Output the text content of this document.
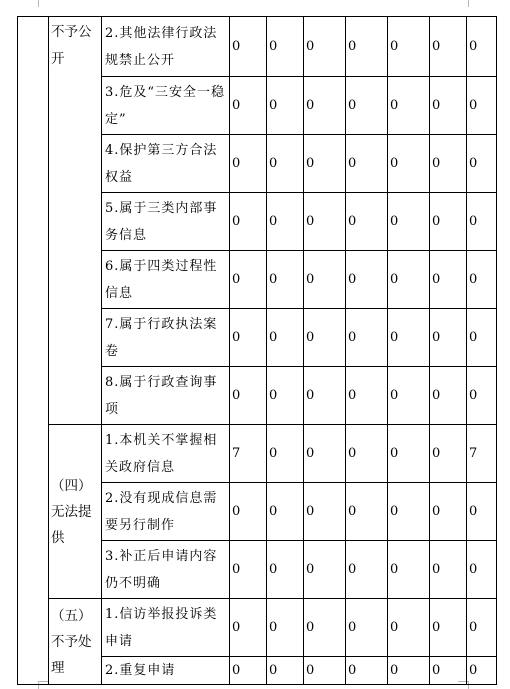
	不予公开	2.其他法律行政法规禁止公开	0	0	0	0	0	0	0
		3.危及“三安全一稳定”	0	0	0	0	0	0	0
		4.保护第三方合法权益	0	0	0	0	0	0	0
		5.属于三类内部事务信息	0	0	0	0	0	0	0
		6.属于四类过程性信息	0	0	0	0	0	0	0
		7.属于行政执法案卷	0	0	0	0	0	0	0
		8.属于行政查询事项	0	0	0	0	0	0	0
	（四）无法提供	1.本机关不掌握相关政府信息	7	0	0	0	0	0	7
		2.没有现成信息需要另行制作	0	0	0	0	0	0	0
		3.补正后申请内容仍不明确	0	0	0	0	0	0	0
	（五）不予处理	1.信访举报投诉类申请	0	0	0	0	0	0	0
		2.重复申请	0	0	0	0	0	0	0
